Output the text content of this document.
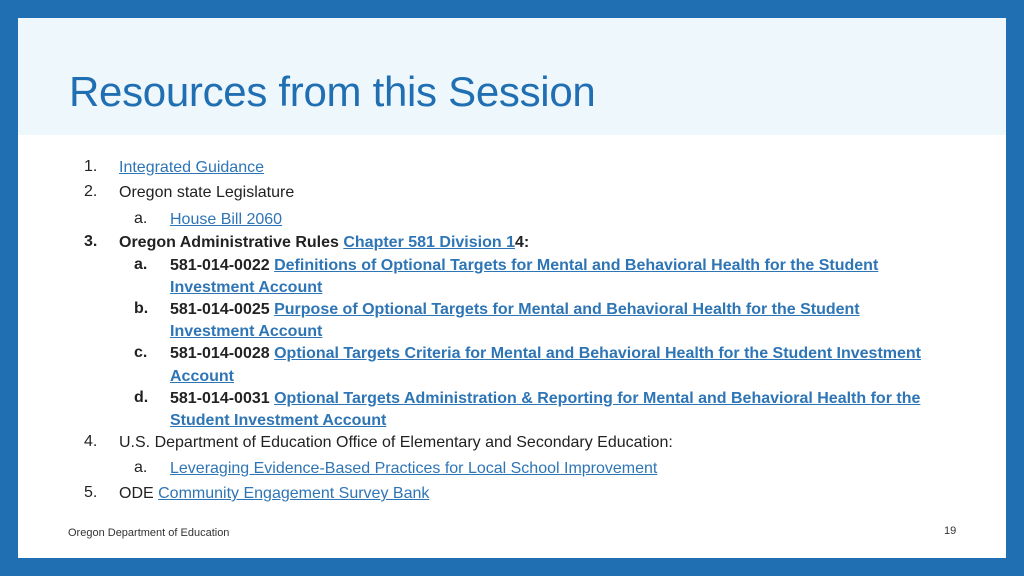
Resources from this Session
1. Integrated Guidance
2. Oregon state Legislature
a. House Bill 2060
3. Oregon Administrative Rules Chapter 581 Division 14:
a. 581-014-0022 Definitions of Optional Targets for Mental and Behavioral Health for the Student
Investment Account
b. 581-014-0025 Purpose of Optional Targets for Mental and Behavioral Health for the Student
Investment Account
c. 581-014-0028 Optional Targets Criteria for Mental and Behavioral Health for the Student Investment
Account
d. 581-014-0031 Optional Targets Administration & Reporting for Mental and Behavioral Health for the
Student Investment Account
4. U.S. Department of Education Office of Elementary and Secondary Education:
a. Leveraging Evidence-Based Practices for Local School Improvement
5. ODE Community Engagement Survey Bank
Oregon Department of Education	19
